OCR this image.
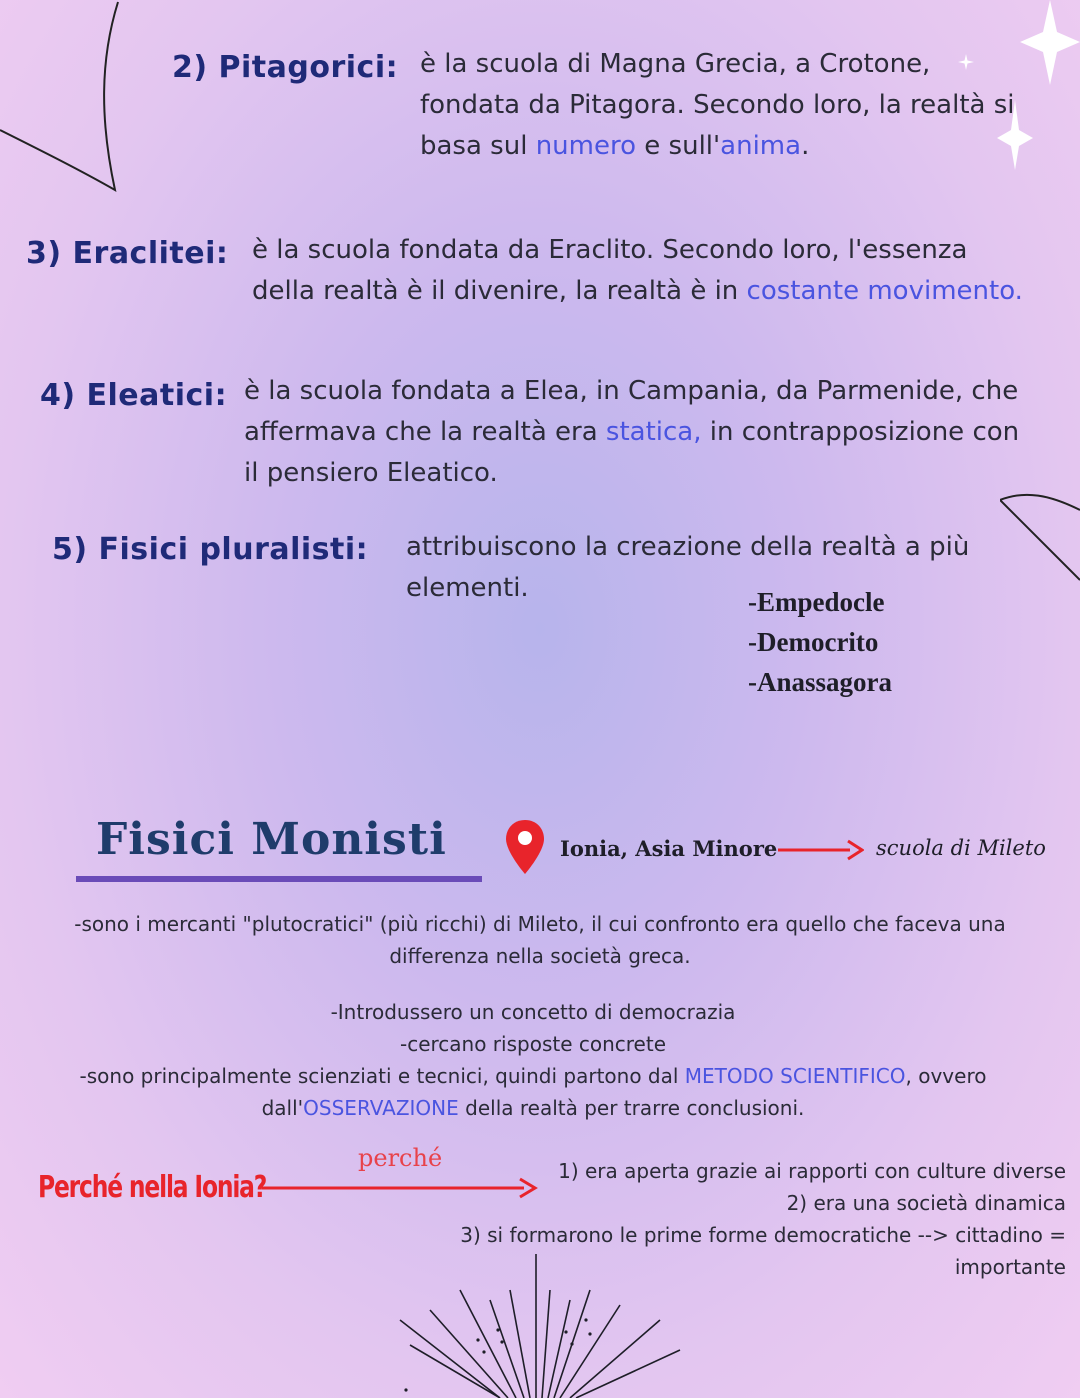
2) Pitagorici: è la scuola di Magna Grecia, a Crotone,
fondata da Pitagora. Secondo loro, la realtà si
basa sul numero e sull'anima.
3) Eraclitei: è la scuola fondata da Eraclito. Secondo loro, l'essenza
della realtà è il divenire, la realtà è in costante movimento.
4) Eleatici: è la scuola fondata a Elea, in Campania, da Parmenide, che
affermava che la realtà era statica, in contrapposizione con
il pensiero Eleatico.
5) Fisici pluralisti: attribuiscono la creazione della realtà a più
elementi.	-Empedocle
-Democrito
-Anassagora
Fisici Monisti	Ionia, Asia Minore	scuola di Mileto
-sono i mercanti "plutocratici" (più ricchi) di Mileto, il cui confronto era quello che faceva una
differenza nella società greca.
-Introdussero un concetto di democrazia
-cercano risposte concrete
-sono principalmente scienziati e tecnici, quindi partono dal METODO SCIENTIFICO, ovvero
dall'OSSERVAZIONE della realtà per trarre conclusioni.
Perché nella Ionia?
perché	1) era aperta grazie ai rapporti con culture diverse
2) era una società dinamica
3) si formarono le prime forme democratiche --> cittadino =
importante
